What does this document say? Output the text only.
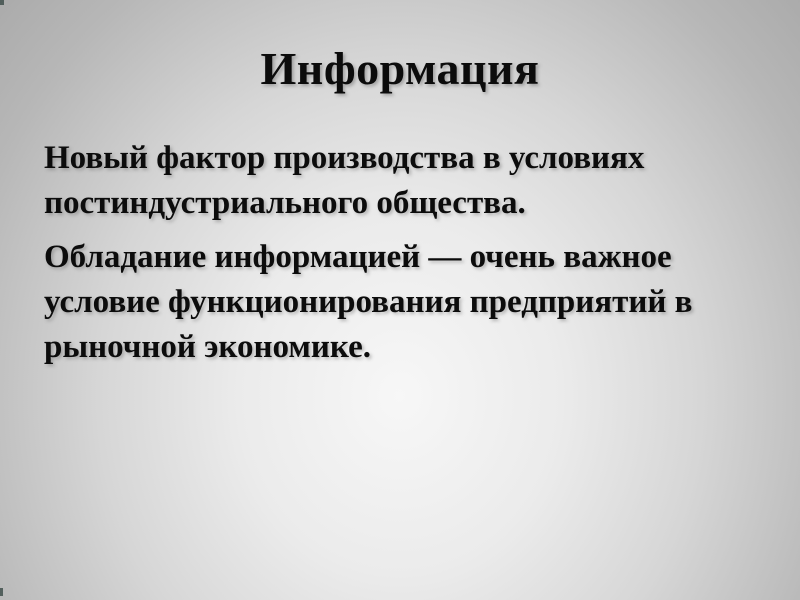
Информация

Новый фактор производства в условиях
постиндустриального общества.

Обладание информацией — очень важное
условие функционирования предприятий в
рыночной экономике.
